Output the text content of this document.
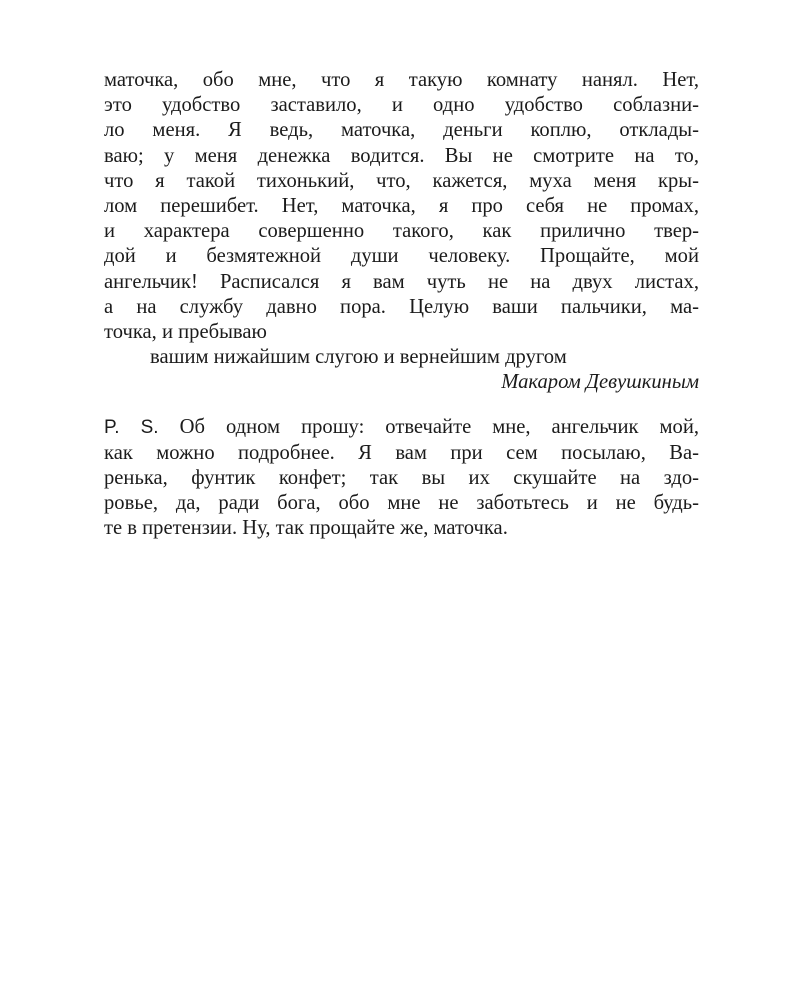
маточка, обо мне, что я такую комнату нанял. Нет,
это удобство заставило, и одно удобство соблазни-
ло меня. Я ведь, маточка, деньги коплю, отклады-
ваю; у меня денежка водится. Вы не смотрите на то,
что я такой тихонький, что, кажется, муха меня кры-
лом перешибет. Нет, маточка, я про себя не промах,
и характера совершенно такого, как прилично твер-
дой и безмятежной души человеку. Прощайте, мой
ангельчик! Расписался я вам чуть не на двух листах,
а на службу давно пора. Целую ваши пальчики, ма-
точка, и пребываю
вашим нижайшим слугою и вернейшим другом
Макаром Девушкиным
P. S. Об одном прошу: отвечайте мне, ангельчик мой,
как можно подробнее. Я вам при сем посылаю, Ва-
ренька, фунтик конфет; так вы их скушайте на здо-
ровье, да, ради бога, обо мне не заботьтесь и не будь-
те в претензии. Ну, так прощайте же, маточка.
